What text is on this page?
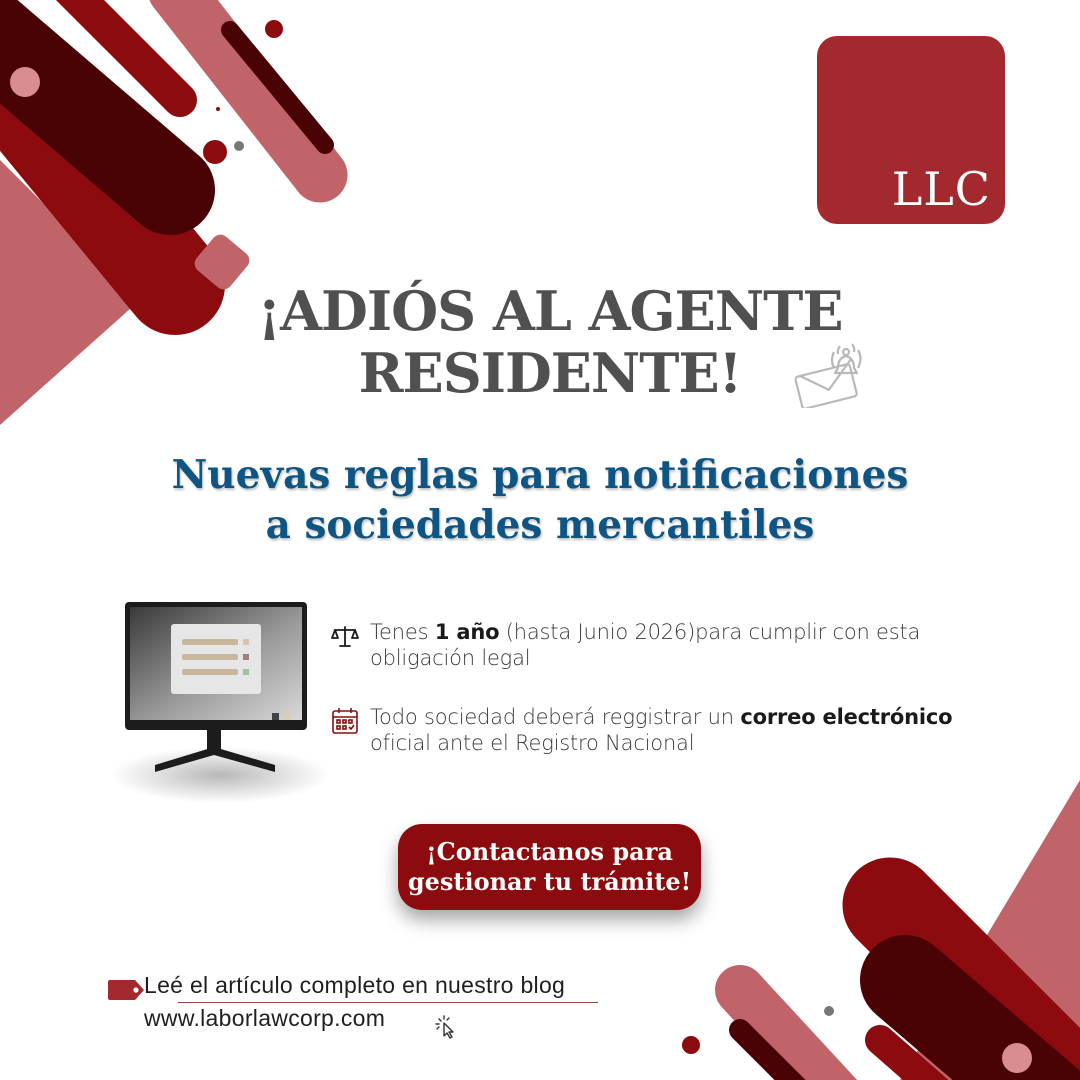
LLC
¡ADIÓS AL AGENTE
RESIDENTE!
Nuevas reglas para notificaciones
a sociedades mercantiles
Tenes 1 año (hasta Junio 2026)para cumplir con esta obligación legal
Todo sociedad deberá reggistrar un correo electrónico oficial ante el Registro Nacional
¡Contactanos para
gestionar tu trámite!
Leé el artículo completo en nuestro blog
www.laborlawcorp.com
